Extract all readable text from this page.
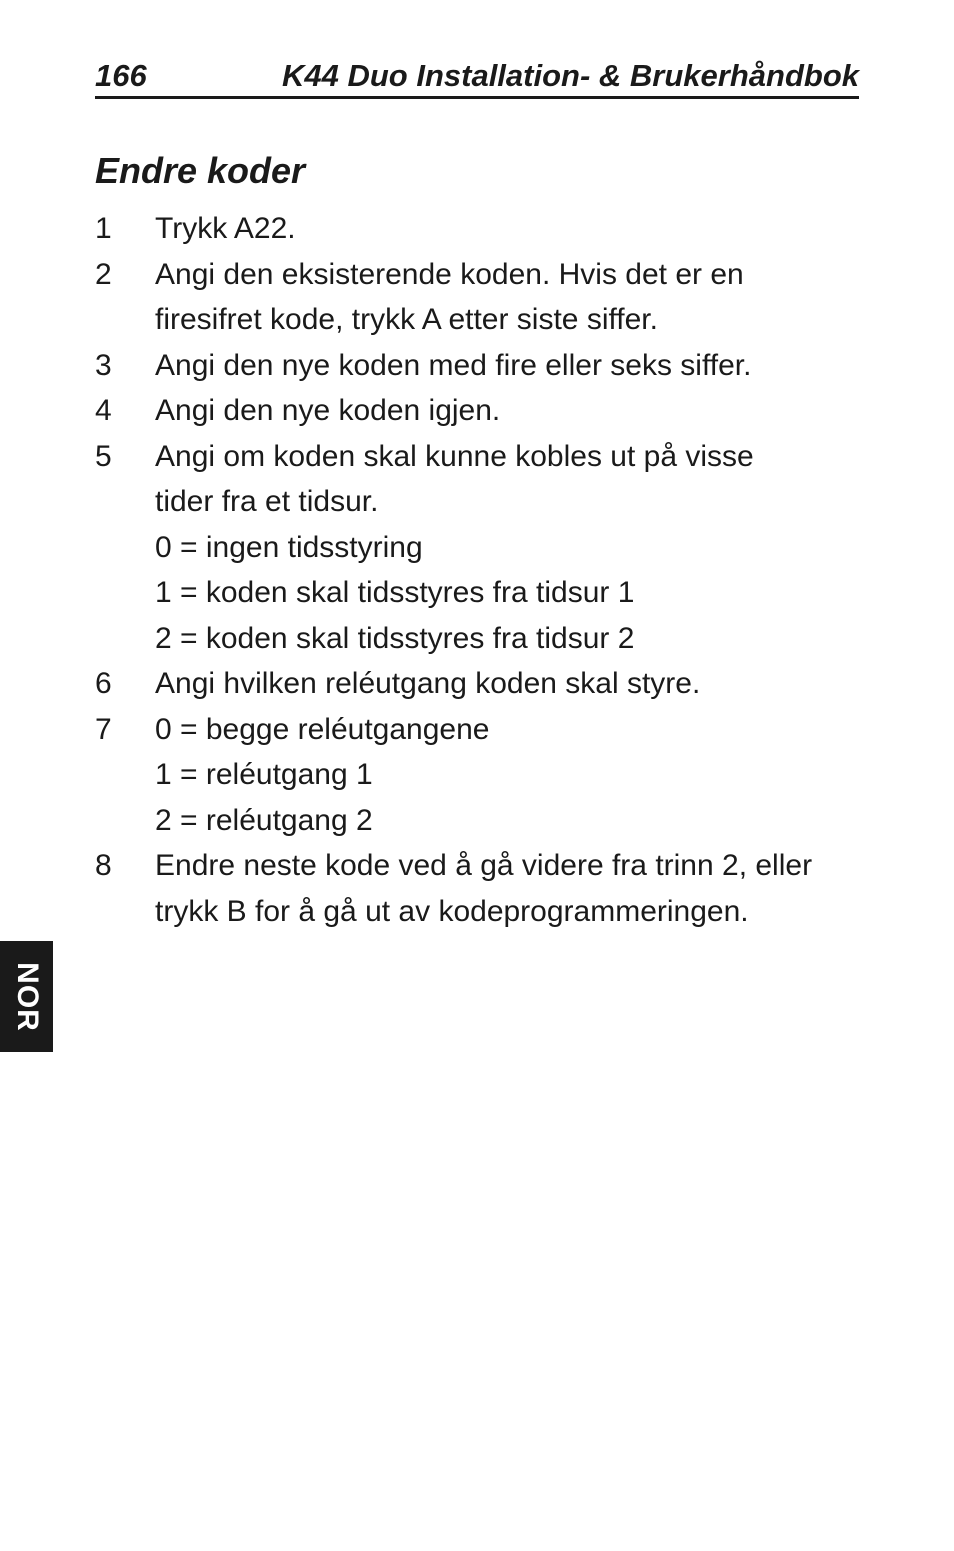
166	K44 Duo Installation- & Brukerhåndbok
Endre koder
1 Trykk A22.
2 Angi den eksisterende koden. Hvis det er en
firesifret kode, trykk A etter siste siffer.
3 Angi den nye koden med fire eller seks siffer.
4 Angi den nye koden igjen.
5 Angi om koden skal kunne kobles ut på visse
tider fra et tidsur.
0 = ingen tidsstyring
1 = koden skal tidsstyres fra tidsur 1
2 = koden skal tidsstyres fra tidsur 2
6 Angi hvilken reléutgang koden skal styre.
7 0 = begge reléutgangene
1 = reléutgang 1
2 = reléutgang 2
8 Endre neste kode ved å gå videre fra trinn 2, eller
trykk B for å gå ut av kodeprogrammeringen.
NOR
